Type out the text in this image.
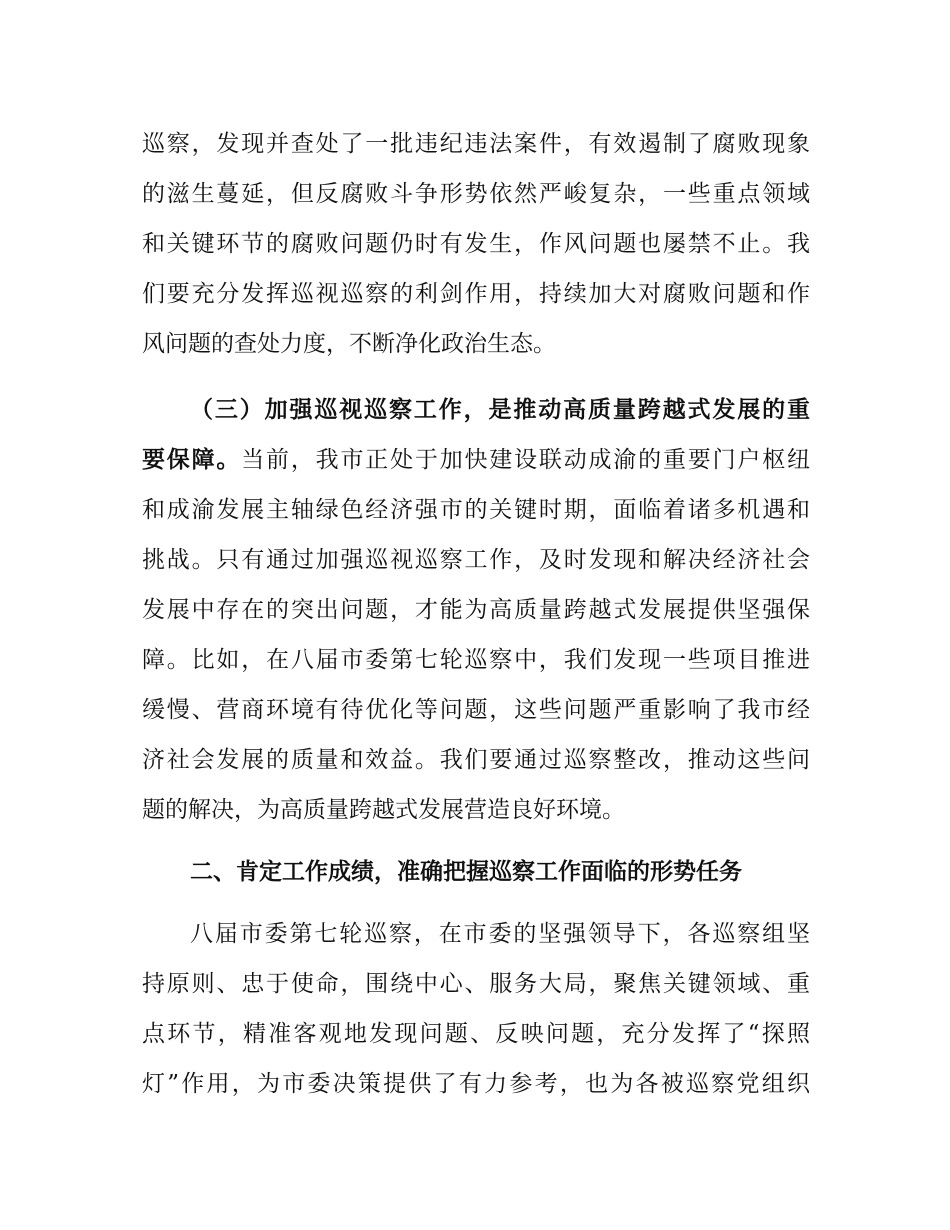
巡察，发现并查处了一批违纪违法案件，有效遏制了腐败现象
的滋生蔓延，但反腐败斗争形势依然严峻复杂，一些重点领域
和关键环节的腐败问题仍时有发生，作风问题也屡禁不止。我
们要充分发挥巡视巡察的利剑作用，持续加大对腐败问题和作
风问题的查处力度，不断净化政治生态。
（三）加强巡视巡察工作，是推动高质量跨越式发展的重
要保障。当前，我市正处于加快建设联动成渝的重要门户枢纽
和成渝发展主轴绿色经济强市的关键时期，面临着诸多机遇和
挑战。只有通过加强巡视巡察工作，及时发现和解决经济社会
发展中存在的突出问题，才能为高质量跨越式发展提供坚强保
障。比如，在八届市委第七轮巡察中，我们发现一些项目推进
缓慢、营商环境有待优化等问题，这些问题严重影响了我市经
济社会发展的质量和效益。我们要通过巡察整改，推动这些问
题的解决，为高质量跨越式发展营造良好环境。
二、肯定工作成绩，准确把握巡察工作面临的形势任务
八届市委第七轮巡察，在市委的坚强领导下，各巡察组坚
持原则、忠于使命，围绕中心、服务大局，聚焦关键领域、重
点环节，精准客观地发现问题、反映问题，充分发挥了“探照
灯”作用，为市委决策提供了有力参考，也为各被巡察党组织
